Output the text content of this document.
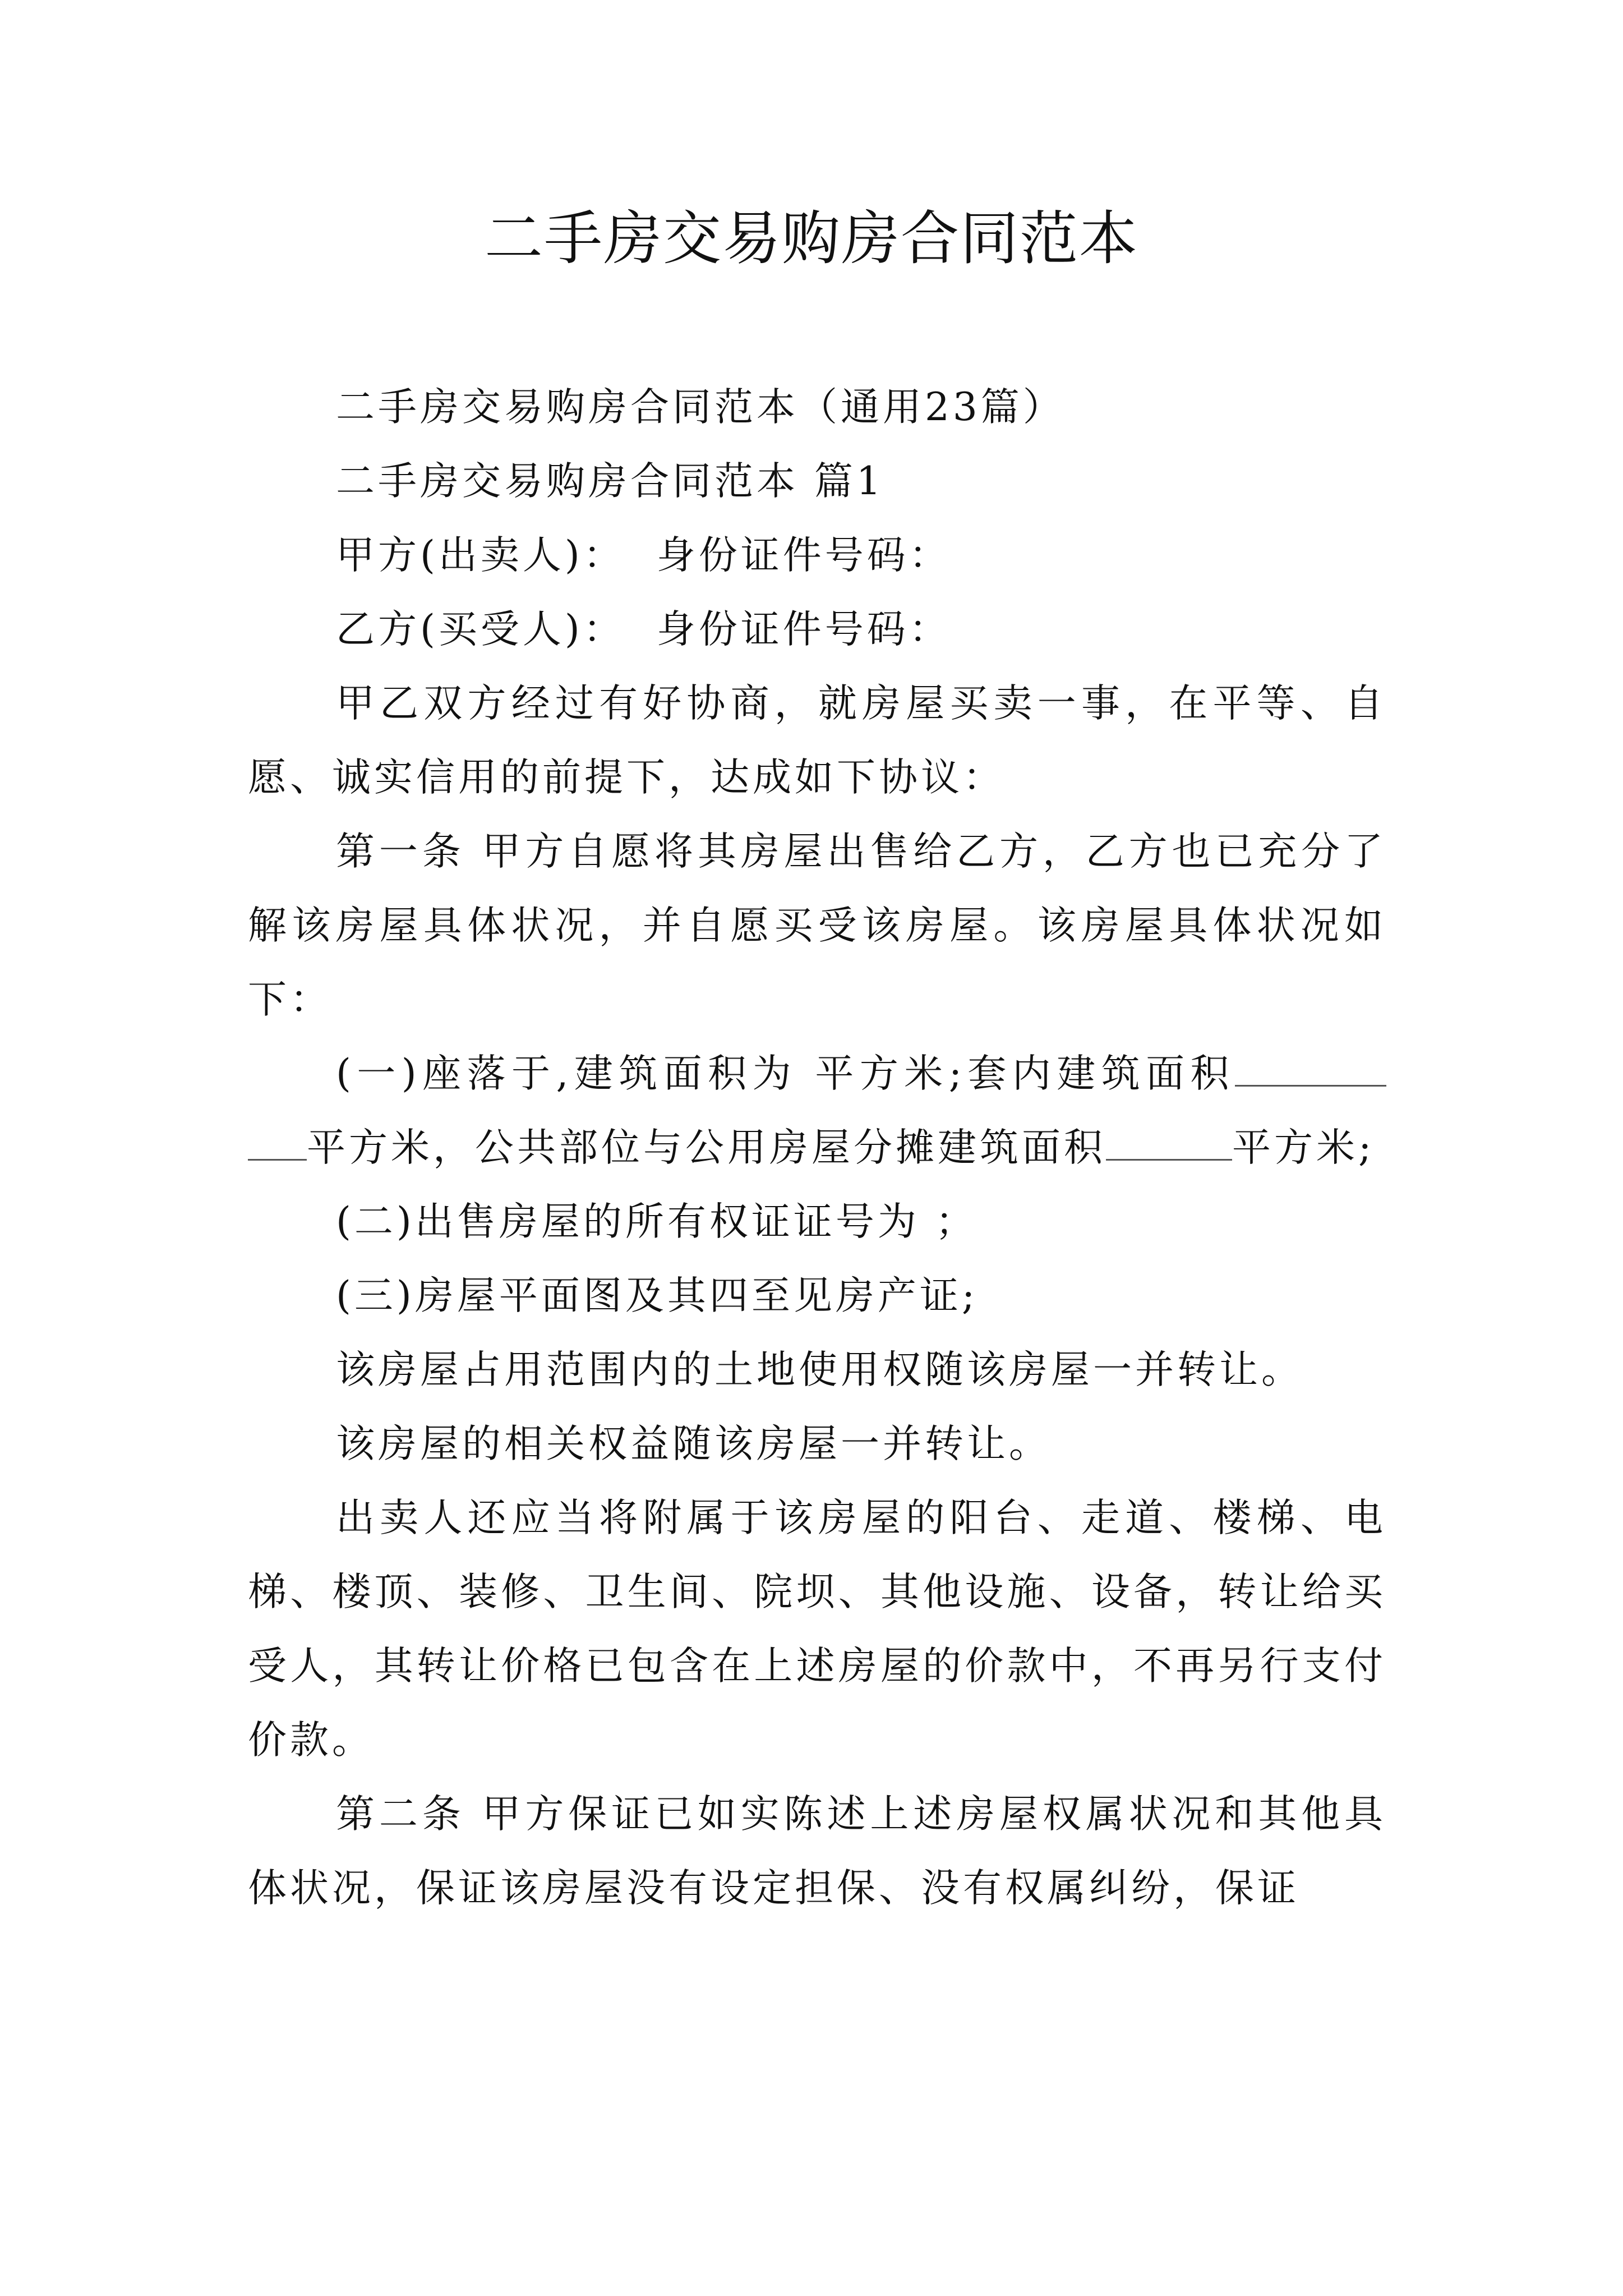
二手房交易购房合同范本

二手房交易购房合同范本（通用23篇）

二手房交易购房合同范本 篇1

甲方(出卖人)：  身份证件号码：

乙方(买受人)：  身份证件号码：

甲乙双方经过有好协商，就房屋买卖一事，在平等、自愿、诚实信用的前提下，达成如下协议：

第一条 甲方自愿将其房屋出售给乙方，乙方也已充分了解该房屋具体状况，并自愿买受该房屋。该房屋具体状况如下：

(一)座落于,建筑面积为 平方米;套内建筑面积平方米，公共部位与公用房屋分摊建筑面积	平方米;

(二)出售房屋的所有权证证号为 ；

(三)房屋平面图及其四至见房产证;

该房屋占用范围内的土地使用权随该房屋一并转让。

该房屋的相关权益随该房屋一并转让。

出卖人还应当将附属于该房屋的阳台、走道、楼梯、电梯、楼顶、装修、卫生间、院坝、其他设施、设备，转让给买受人，其转让价格已包含在上述房屋的价款中，不再另行支付价款。

第二条 甲方保证已如实陈述上述房屋权属状况和其他具体状况，保证该房屋没有设定担保、没有权属纠纷，保证
